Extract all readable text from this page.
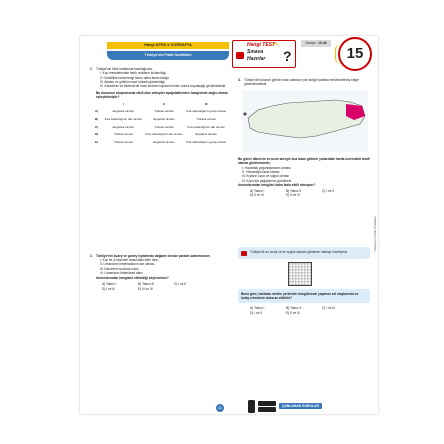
Hangi KPSS ● COĞRAFYA
Türkiye'nin Fiziki Özellikleri
Hangi TEST
Sınava
Hazırlar ?
Seviye: 10 dk
15
1.	Türkiye'nin fiziki haritasına bakıldığında;
I. Kıyı mesafelerinde farklı renklerin kullanıldığı
II. Genellikle kahverengi tonun daha fazla olduğu
III. Akarsu ve göllerin mavi tonlarla gösterildiği
IV. Karadeniz ve Akdeniz'de mavi tonların kıyıdan hemen sonra koyulaştığı görülmektedir.
Bu durumun oluşmasında etkili olan sebepler aşağıdakilerden hangisinde doğru olarak eşleştirilmiştir?
	I	II	III
A)	Engebeli olması	Yüksek olması	Kıta sahanlığının geniş olması
B)	Kıta sahanlığının dar olması	Engebeli olması	Yüksek olması
C)	Engebeli olması	Yüksek olması	Kıta sahanlığının dar olması
D)	Yüksek olması	Kıta sahanlığının dar olması	Engebeli olması
E)	Yüksek olması	Engebeli olması	Kıta sahanlığının geniş olması
2.	Türkiye'nin kuzey ve güney kıyılarında dağların denize paralel uzanmasının;
I. Kıyı ile iç kesimler arasındaki iklim farkı,
II. Limanların hinterlandının dar olması,
III. Denizlerin tuzluluk oranı,
IV. Limanların hinterlandı alanı
durumlarından hangisini etkilediği söylenemez?
A) Yalnız I	B) Yalnız III	C) I ve II
D) I ve III	E) III ve IV
3.	Türkiye'de bulunan görülen bazı alanların yer aldığı haritada renklendirilmiş bölge gösterilmektedir.
Bu görev ülkelerin en uzun süreyle buz tutan göllerin yukarıdaki harita üzerindeki tarafı alanda görülmesinde,
I. Havadaki yoğunlaşmanın olması
II. Yüksekliğin fazla olması
III. Kışların uzun ve soğuk olması
IV. Kışın kar yağışlarının görülmesi
durumlarından hangileri daha fazla etkili olmuştur?
A) Yalnız I	B) Yalnız II	C) I ve II
D) II ve III	E) II ve IV
Türkiye'de en sıcak ve en soğuk alanları gösteren haritayı inceleyiniz.
Buna göre, haritada verilen yerlerden hangilerinde yaşanan sel olaylarında en kolay erimelerin daha az etkilidir?
A) Yalnız I	B) Yalnız II	C) I ve III
D) I ve II	E) II ve III
Türkiye'nin Fiziki Özellikleri
41	ÇANLANAN SORULAR
